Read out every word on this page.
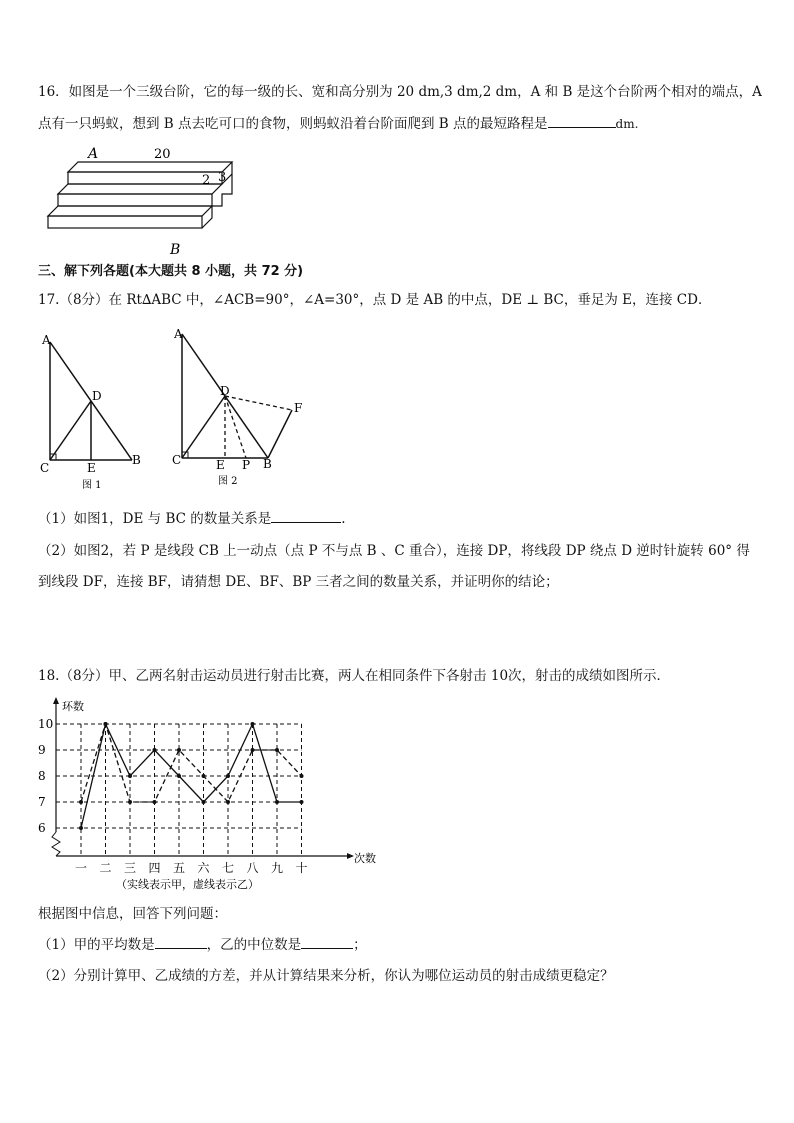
16．如图是一个三级台阶，它的每一级的长、宽和高分别为 20 dm,3 dm,2 dm，A 和 B 是这个台阶两个相对的端点，A
点有一只蚂蚁，想到 B 点去吃可口的食物，则蚂蚁沿着台阶面爬到 B 点的最短路程是	dm.
A	20
2 3
B
三、解下列各题(本大题共 8 小题，共 72 分)
17.（8分）在 Rt∆ABC 中，∠ACB=90°，∠A=30°，点 D 是 AB 的中点，DE ⊥ BC，垂足为 E，连接 CD．
A
D
C	E
B
图 1
A
D
F
C	E P B
图 2
（1）如图1，DE 与 BC 的数量关系是	.
（2）如图2，若 P 是线段 CB 上一动点（点 P 不与点 B 、C 重合），连接 DP，将线段 DP 绕点 D 逆时针旋转 60° 得
到线段 DF，连接 BF，请猜想 DE、BF、BP 三者之间的数量关系，并证明你的结论；
18.（8分）甲、乙两名射击运动员进行射击比赛，两人在相同条件下各射击 10次，射击的成绩如图所示．
6
7
8
9
10
一 二 三 四 五 六 七 八 九 十
环数
次数
（实线表示甲，虚线表示乙）
根据图中信息，回答下列问题：
（1）甲的平均数是	，乙的中位数是	；
（2）分别计算甲、乙成绩的方差，并从计算结果来分析，你认为哪位运动员的射击成绩更稳定？
